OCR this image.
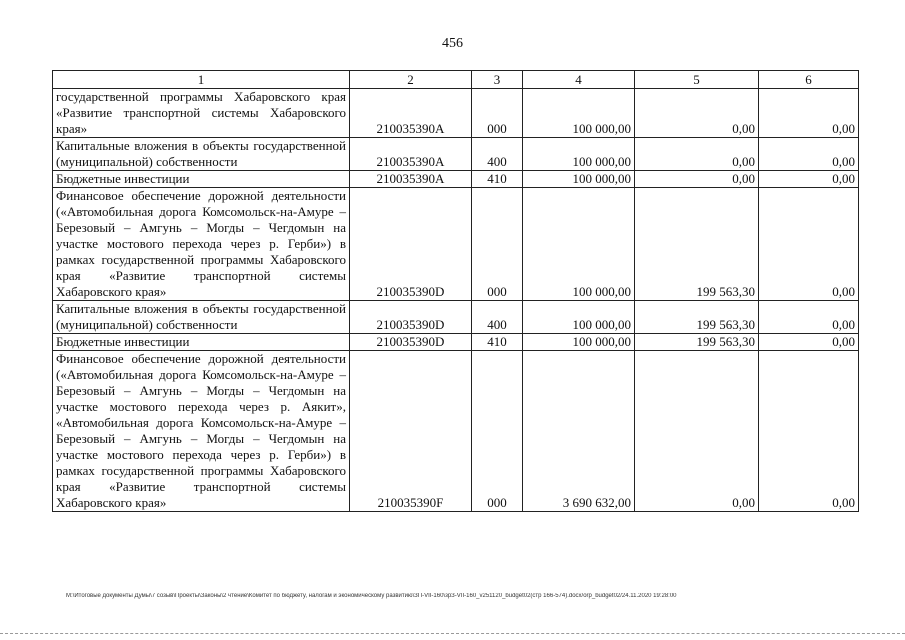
456
1	2	3	4	5	6
государственной программы Хабаровского края «Развитие транспортной системы Хабаровского края»	210035390A	000	100 000,00	0,00	0,00
Капитальные вложения в объекты государственной (муниципальной) собственности	210035390A	400	100 000,00	0,00	0,00
Бюджетные инвестиции	210035390A	410	100 000,00	0,00	0,00
Финансовое обеспечение дорожной деятельности («Автомобильная дорога Комсомольск-на-Амуре – Березовый – Амгунь – Могды – Чегдомын на участке мостового перехода через р. Герби») в рамках государственной программы Хабаровского края «Развитие транспортной системы Хабаровского края»	210035390D	000	100 000,00	199 563,30	0,00
Капитальные вложения в объекты государственной (муниципальной) собственности	210035390D	400	100 000,00	199 563,30	0,00
Бюджетные инвестиции	210035390D	410	100 000,00	199 563,30	0,00
Финансовое обеспечение дорожной деятельности («Автомобильная дорога Комсомольск-на-Амуре – Березовый – Амгунь – Могды – Чегдомын на участке мостового перехода через р. Аякит», «Автомобильная дорога Комсомольск-на-Амуре – Березовый – Амгунь – Могды – Чегдомын на участке мостового перехода через р. Герби») в рамках государственной программы Хабаровского края «Развитие транспортной системы Хабаровского края»	210035390F	000	3 690 632,00	0,00	0,00
M:\Итоговые документы Думы\7 созыв\Проекты\Законы\2 чтение\Комитет по бюджету, налогам и экономическому развитию\ЗП-VII-160\зрЗ-VII-160_v251120_budget02(стр 166-574).docx/orp_budget02/24.11.2020 19:28:00
